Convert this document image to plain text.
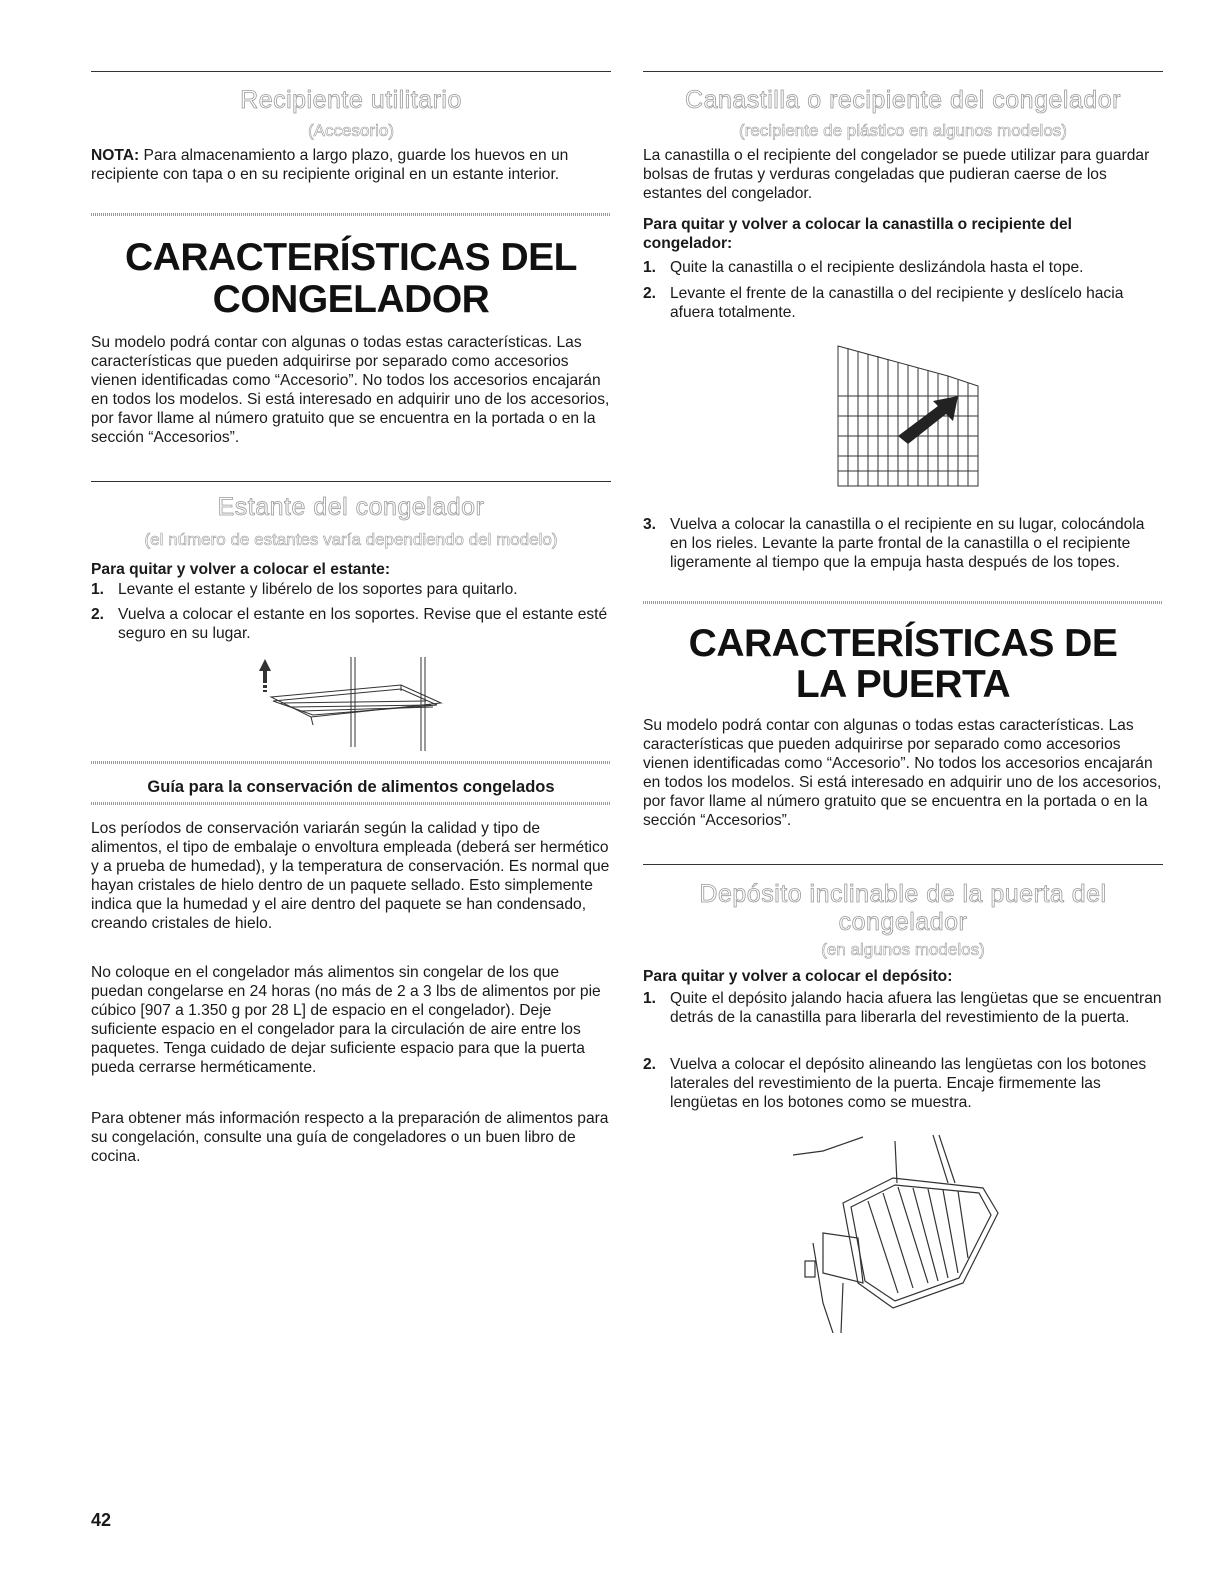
Recipiente utilitario
(Accesorio)

NOTA: Para almacenamiento a largo plazo, guarde los huevos en un recipiente con tapa o en su recipiente original en un estante interior.

CARACTERÍSTICAS DEL
CONGELADOR

Su modelo podrá contar con algunas o todas estas características. Las características que pueden adquirirse por separado como accesorios vienen identificadas como “Accesorio”. No todos los accesorios encajarán en todos los modelos. Si está interesado en adquirir uno de los accesorios, por favor llame al número gratuito que se encuentra en la portada o en la sección “Accesorios”.

Estante del congelador
(el número de estantes varía dependiendo del modelo)
Para quitar y volver a colocar el estante:
1. Levante el estante y libérelo de los soportes para quitarlo.
2. Vuelva a colocar el estante en los soportes. Revise que el estante esté seguro en su lugar.
Guía para la conservación de alimentos congelados

Los períodos de conservación variarán según la calidad y tipo de alimentos, el tipo de embalaje o envoltura empleada (deberá ser hermético y a prueba de humedad), y la temperatura de conservación. Es normal que hayan cristales de hielo dentro de un paquete sellado. Esto simplemente indica que la humedad y el aire dentro del paquete se han condensado, creando cristales de hielo.

No coloque en el congelador más alimentos sin congelar de los que puedan congelarse en 24 horas (no más de 2 a 3 lbs de alimentos por pie cúbico [907 a 1.350 g por 28 L] de espacio en el congelador). Deje suficiente espacio en el congelador para la circulación de aire entre los paquetes. Tenga cuidado de dejar suficiente espacio para que la puerta pueda cerrarse herméticamente.

Para obtener más información respecto a la preparación de alimentos para su congelación, consulte una guía de congeladores o un buen libro de cocina.

Canastilla o recipiente del congelador
(recipiente de plástico en algunos modelos)

La canastilla o el recipiente del congelador se puede utilizar para guardar bolsas de frutas y verduras congeladas que pudieran caerse de los estantes del congelador.

Para quitar y volver a colocar la canastilla o recipiente del congelador:
1. Quite la canastilla o el recipiente deslizándola hasta el tope.
2. Levante el frente de la canastilla o del recipiente y deslícelo hacia afuera totalmente.
3. Vuelva a colocar la canastilla o el recipiente en su lugar, colocándola en los rieles. Levante la parte frontal de la canastilla o el recipiente ligeramente al tiempo que la empuja hasta después de los topes.
CARACTERÍSTICAS DE
LA PUERTA

Su modelo podrá contar con algunas o todas estas características. Las características que pueden adquirirse por separado como accesorios vienen identificadas como “Accesorio”. No todos los accesorios encajarán en todos los modelos. Si está interesado en adquirir uno de los accesorios, por favor llame al número gratuito que se encuentra en la portada o en la sección “Accesorios”.

Depósito inclinable de la puerta del
congelador
(en algunos modelos)
Para quitar y volver a colocar el depósito:
1. Quite el depósito jalando hacia afuera las lengüetas que se encuentran detrás de la canastilla para liberarla del revestimiento de la puerta.
2. Vuelva a colocar el depósito alineando las lengüetas con los botones laterales del revestimiento de la puerta. Encaje firmemente las lengüetas en los botones como se muestra.
42
